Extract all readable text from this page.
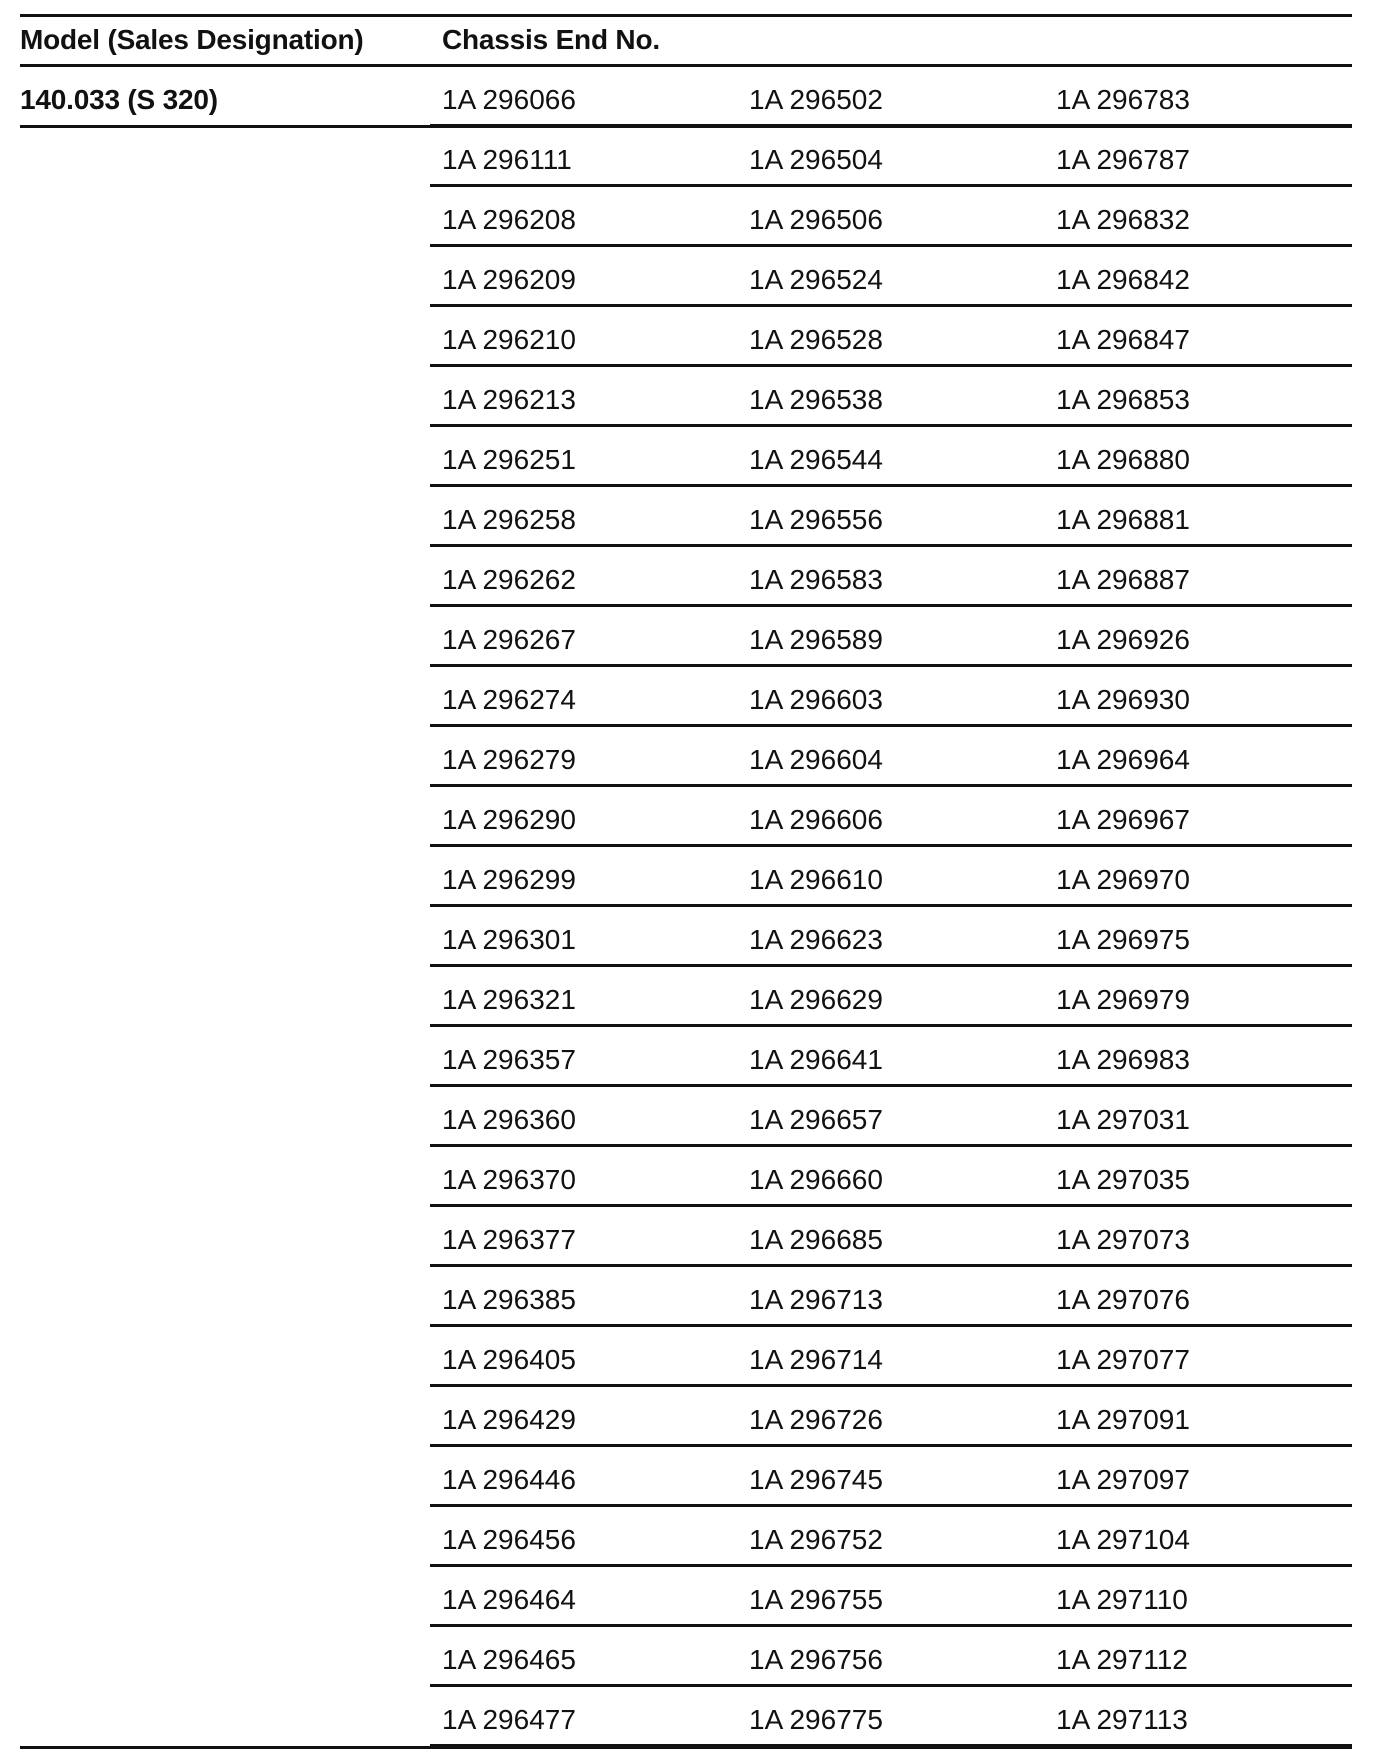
Model (Sales Designation)	Chassis End No.
140.033 (S 320)	1A 296066	1A 296502	1A 296783
1A 296111	1A 296504	1A 296787
1A 296208	1A 296506	1A 296832
1A 296209	1A 296524	1A 296842
1A 296210	1A 296528	1A 296847
1A 296213	1A 296538	1A 296853
1A 296251	1A 296544	1A 296880
1A 296258	1A 296556	1A 296881
1A 296262	1A 296583	1A 296887
1A 296267	1A 296589	1A 296926
1A 296274	1A 296603	1A 296930
1A 296279	1A 296604	1A 296964
1A 296290	1A 296606	1A 296967
1A 296299	1A 296610	1A 296970
1A 296301	1A 296623	1A 296975
1A 296321	1A 296629	1A 296979
1A 296357	1A 296641	1A 296983
1A 296360	1A 296657	1A 297031
1A 296370	1A 296660	1A 297035
1A 296377	1A 296685	1A 297073
1A 296385	1A 296713	1A 297076
1A 296405	1A 296714	1A 297077
1A 296429	1A 296726	1A 297091
1A 296446	1A 296745	1A 297097
1A 296456	1A 296752	1A 297104
1A 296464	1A 296755	1A 297110
1A 296465	1A 296756	1A 297112
1A 296477	1A 296775	1A 297113
